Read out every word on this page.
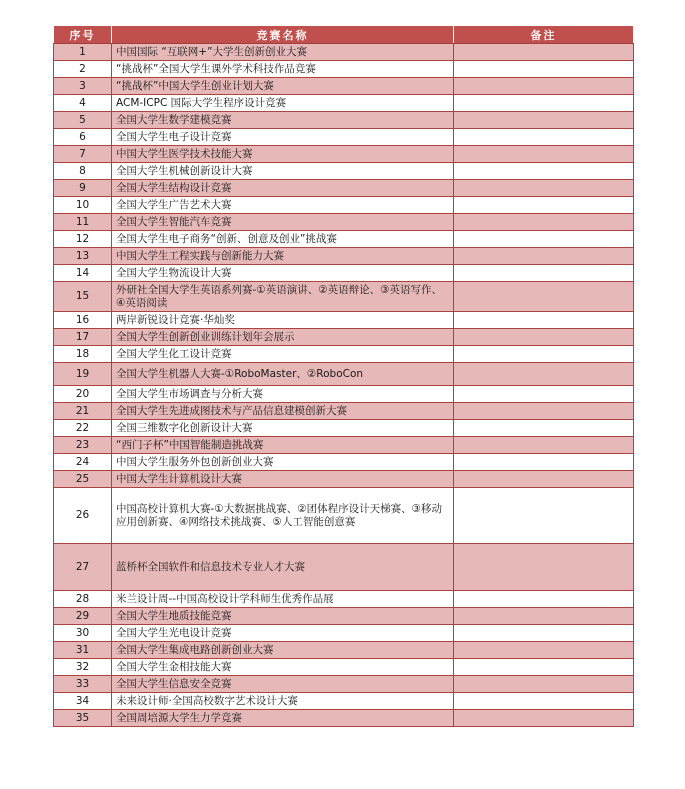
序号	竞赛名称	备注
1	中国国际 “互联网+”大学生创新创业大赛	
2	“挑战杯”全国大学生课外学术科技作品竞赛	
3	“挑战杯”中国大学生创业计划大赛	
4	ACM-ICPC 国际大学生程序设计竞赛	
5	全国大学生数学建模竞赛	
6	全国大学生电子设计竞赛	
7	中国大学生医学技术技能大赛	
8	全国大学生机械创新设计大赛	
9	全国大学生结构设计竞赛	
10	全国大学生广告艺术大赛	
11	全国大学生智能汽车竞赛	
12	全国大学生电子商务“创新、创意及创业”挑战赛	
13	中国大学生工程实践与创新能力大赛	
14	全国大学生物流设计大赛	
15	外研社全国大学生英语系列赛-①英语演讲、②英语辩论、③英语写作、④英语阅读	
16	两岸新锐设计竞赛·华灿奖	
17	全国大学生创新创业训练计划年会展示	
18	全国大学生化工设计竞赛	
19	全国大学生机器人大赛-①RoboMaster、②RoboCon	
20	全国大学生市场调查与分析大赛	
21	全国大学生先进成图技术与产品信息建模创新大赛	
22	全国三维数字化创新设计大赛	
23	“西门子杯”中国智能制造挑战赛	
24	中国大学生服务外包创新创业大赛	
25	中国大学生计算机设计大赛	
26	中国高校计算机大赛-①大数据挑战赛、②团体程序设计天梯赛、③移动应用创新赛、④网络技术挑战赛、⑤人工智能创意赛	
27	蓝桥杯全国软件和信息技术专业人才大赛	
28	米兰设计周--中国高校设计学科师生优秀作品展	
29	全国大学生地质技能竞赛	
30	全国大学生光电设计竞赛	
31	全国大学生集成电路创新创业大赛	
32	全国大学生金相技能大赛	
33	全国大学生信息安全竞赛	
34	未来设计师·全国高校数字艺术设计大赛	
35	全国周培源大学生力学竞赛	
